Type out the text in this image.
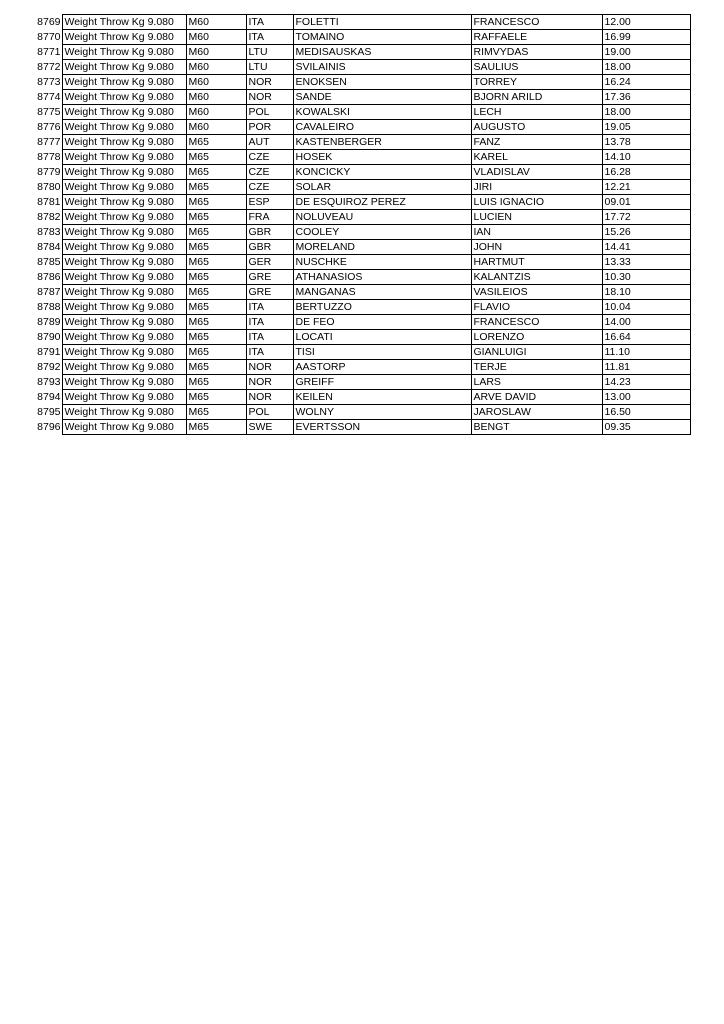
8769	Weight Throw Kg 9.080	M60	ITA	FOLETTI	FRANCESCO	12.00
8770	Weight Throw Kg 9.080	M60	ITA	TOMAINO	RAFFAELE	16.99
8771	Weight Throw Kg 9.080	M60	LTU	MEDISAUSKAS	RIMVYDAS	19.00
8772	Weight Throw Kg 9.080	M60	LTU	SVILAINIS	SAULIUS	18.00
8773	Weight Throw Kg 9.080	M60	NOR	ENOKSEN	TORREY	16.24
8774	Weight Throw Kg 9.080	M60	NOR	SANDE	BJORN ARILD	17.36
8775	Weight Throw Kg 9.080	M60	POL	KOWALSKI	LECH	18.00
8776	Weight Throw Kg 9.080	M60	POR	CAVALEIRO	AUGUSTO	19.05
8777	Weight Throw Kg 9.080	M65	AUT	KASTENBERGER	FANZ	13.78
8778	Weight Throw Kg 9.080	M65	CZE	HOSEK	KAREL	14.10
8779	Weight Throw Kg 9.080	M65	CZE	KONCICKY	VLADISLAV	16.28
8780	Weight Throw Kg 9.080	M65	CZE	SOLAR	JIRI	12.21
8781	Weight Throw Kg 9.080	M65	ESP	DE ESQUIROZ PEREZ	LUIS IGNACIO	09.01
8782	Weight Throw Kg 9.080	M65	FRA	NOLUVEAU	LUCIEN	17.72
8783	Weight Throw Kg 9.080	M65	GBR	COOLEY	IAN	15.26
8784	Weight Throw Kg 9.080	M65	GBR	MORELAND	JOHN	14.41
8785	Weight Throw Kg 9.080	M65	GER	NUSCHKE	HARTMUT	13.33
8786	Weight Throw Kg 9.080	M65	GRE	ATHANASIOS	KALANTZIS	10.30
8787	Weight Throw Kg 9.080	M65	GRE	MANGANAS	VASILEIOS	18.10
8788	Weight Throw Kg 9.080	M65	ITA	BERTUZZO	FLAVIO	10.04
8789	Weight Throw Kg 9.080	M65	ITA	DE FEO	FRANCESCO	14.00
8790	Weight Throw Kg 9.080	M65	ITA	LOCATI	LORENZO	16.64
8791	Weight Throw Kg 9.080	M65	ITA	TISI	GIANLUIGI	11.10
8792	Weight Throw Kg 9.080	M65	NOR	AASTORP	TERJE	11.81
8793	Weight Throw Kg 9.080	M65	NOR	GREIFF	LARS	14.23
8794	Weight Throw Kg 9.080	M65	NOR	KEILEN	ARVE DAVID	13.00
8795	Weight Throw Kg 9.080	M65	POL	WOLNY	JAROSLAW	16.50
8796	Weight Throw Kg 9.080	M65	SWE	EVERTSSON	BENGT	09.35
